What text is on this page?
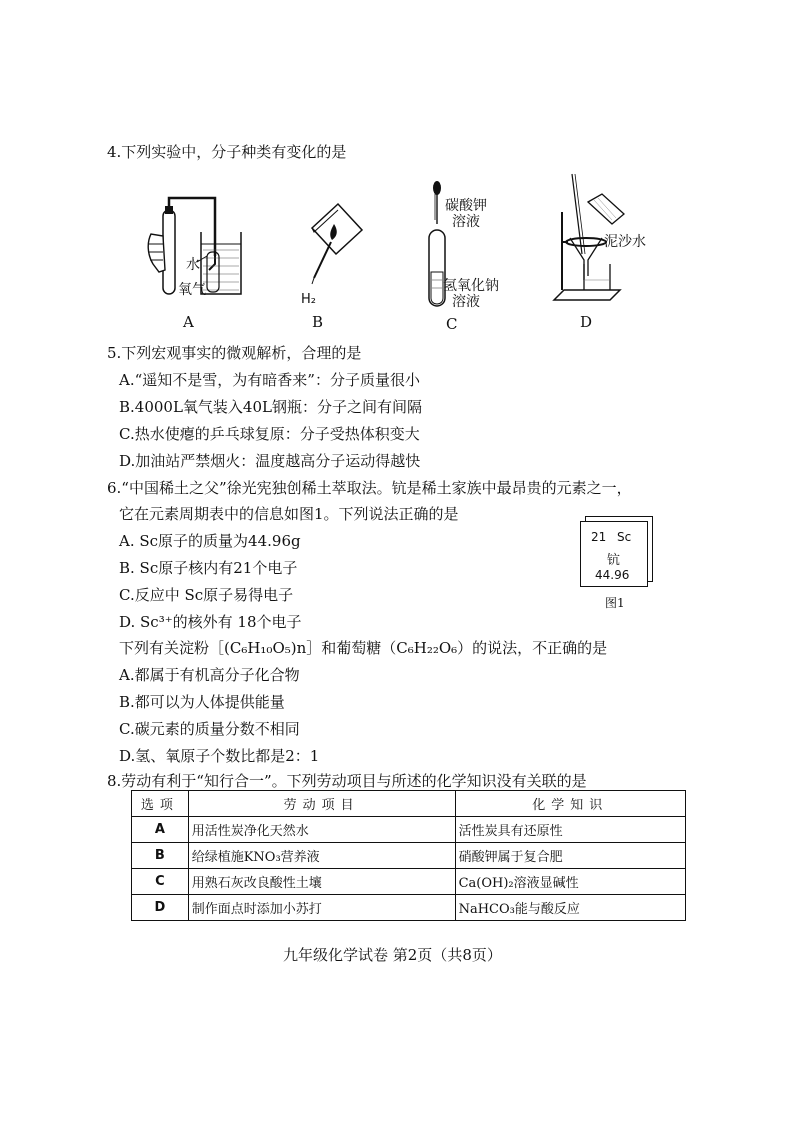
4.下列实验中，分子种类有变化的是
水
氧气
A
H₂
B
碳酸钾
溶液
氢氧化钠
溶液
C
泥沙水
D
5.下列宏观事实的微观解析，合理的是
A.“遥知不是雪，为有暗香来”：分子质量很小
B.4000L氧气装入40L钢瓶：分子之间有间隔
C.热水使瘪的乒乓球复原：分子受热体积变大
D.加油站严禁烟火：温度越高分子运动得越快
6.“中国稀土之父”徐光宪独创稀土萃取法。钪是稀土家族中最昂贵的元素之一，
它在元素周期表中的信息如图1。下列说法正确的是
A. Sc原子的质量为44.96g
B. Sc原子核内有21个电子
C.反应中 Sc原子易得电子
D. Sc³⁺的核外有 18个电子
21 Sc
钪
44.96
图1
下列有关淀粉［(C₆H₁₀O₅)n］和葡萄糖（C₆H₂₂O₆）的说法，不正确的是
A.都属于有机高分子化合物
B.都可以为人体提供能量
C.碳元素的质量分数不相同
D.氢、氧原子个数比都是2：1
8.劳动有利于“知行合一”。下列劳动项目与所述的化学知识没有关联的是
选项	劳动项目	化学知识
A	用活性炭净化天然水	活性炭具有还原性
B	给绿植施KNO₃营养液	硝酸钾属于复合肥
C	用熟石灰改良酸性土壤	Ca(OH)₂溶液显碱性
D	制作面点时添加小苏打	NaHCO₃能与酸反应
九年级化学试卷 第2页（共8页）
